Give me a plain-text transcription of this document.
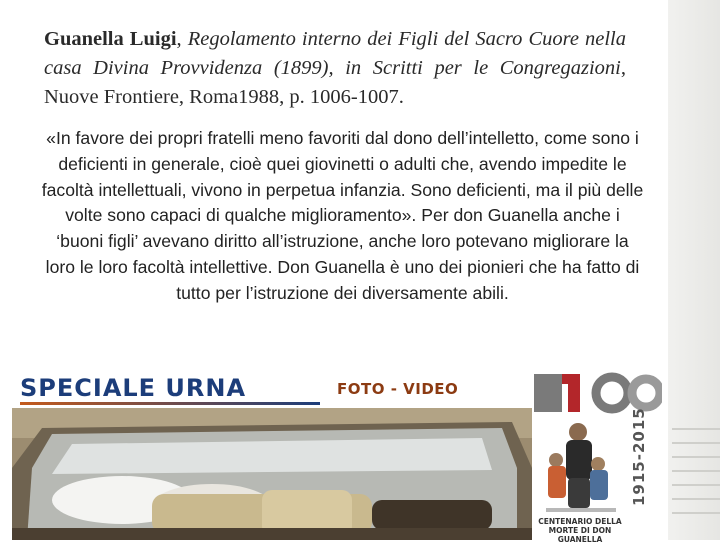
Guanella Luigi, Regolamento interno dei Figli del Sacro Cuore nella casa Divina Provvidenza (1899), in Scritti per le Congregazioni, Nuove Frontiere, Roma1988, p. 1006-1007.
«In favore dei propri fratelli meno favoriti dal dono dell’intelletto, come sono i deficienti in generale, cioè quei giovinetti o adulti che, avendo impedite le facoltà intellettuali, vivono in perpetua infanzia. Sono deficienti, ma il più delle volte sono capaci di qualche miglioramento». Per don Guanella anche i ‘buoni figli’ avevano diritto all’istruzione, anche loro potevano migliorare la loro le loro facoltà intellettive. Don Guanella è uno dei pionieri che ha fatto di tutto per l’istruzione dei diversamente abili.
SPECIALE URNA	FOTO - VIDEO
CENTENARIO DELLA
MORTE DI DON GUANELLA
1915-2015
